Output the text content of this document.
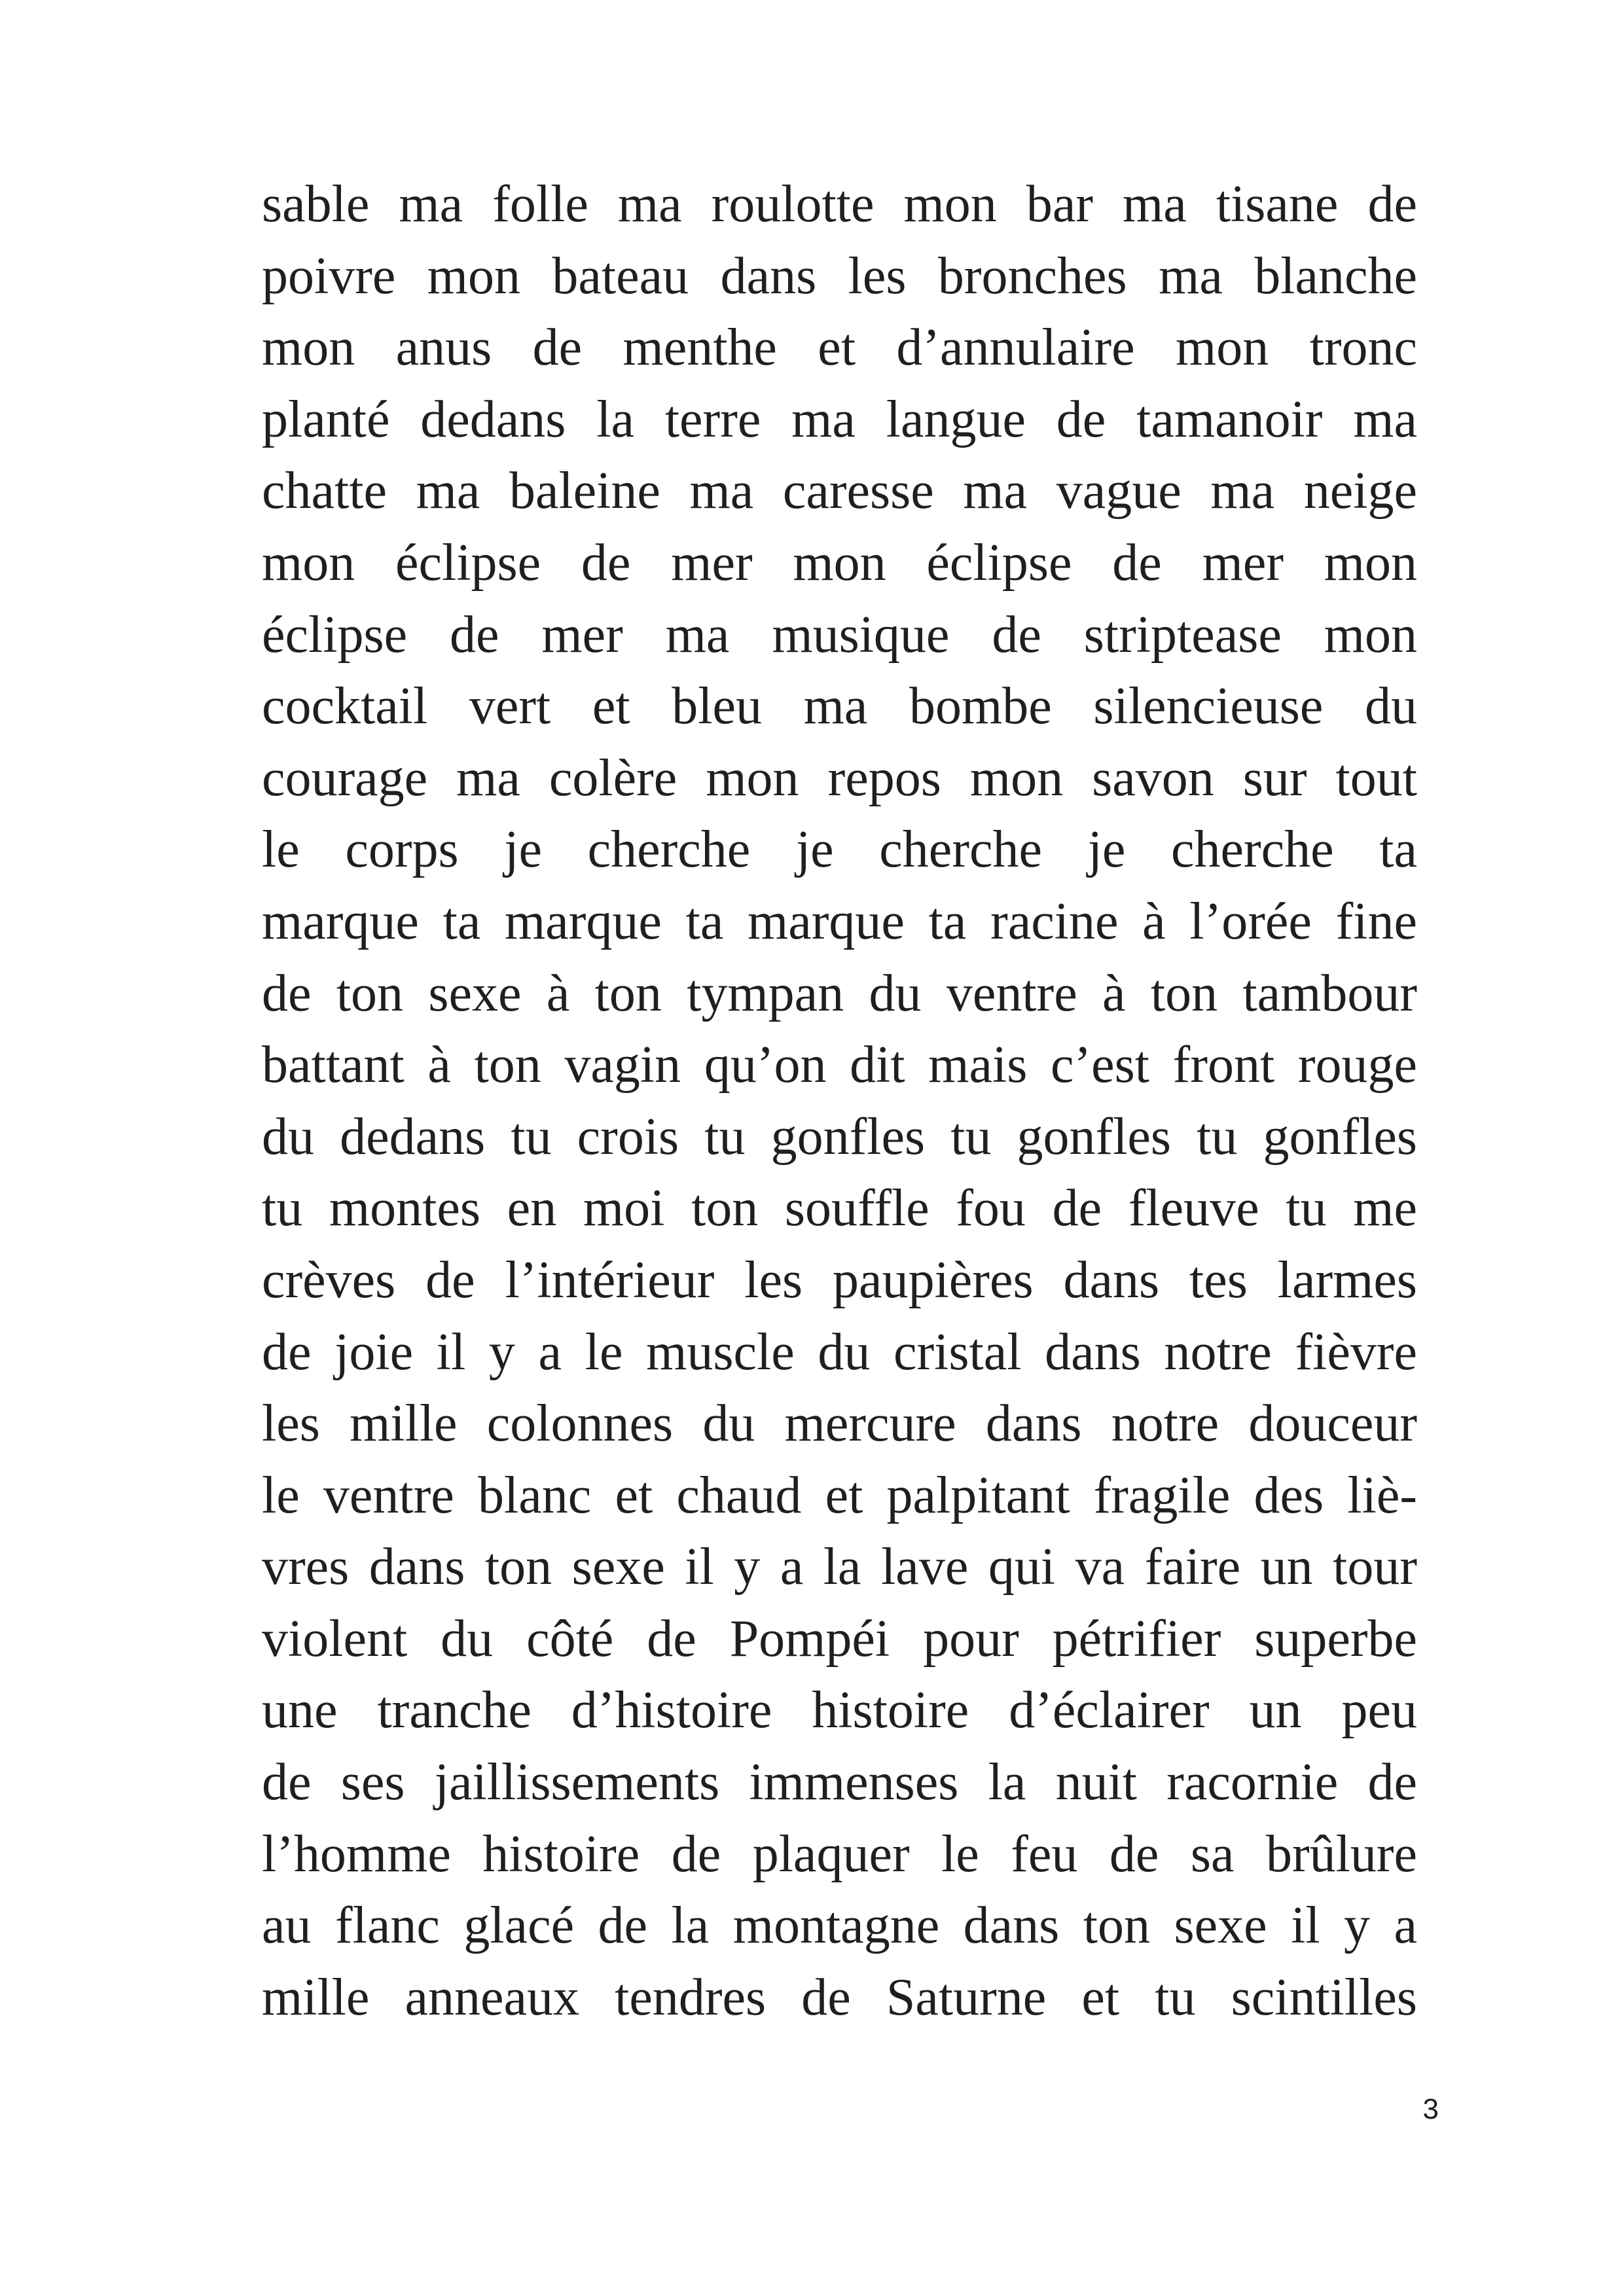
sable ma folle ma roulotte mon bar ma tisane de
poivre mon bateau dans les bronches ma blanche
mon anus de menthe et d’annulaire mon tronc
planté dedans la terre ma langue de tamanoir ma
chatte ma baleine ma caresse ma vague ma neige
mon éclipse de mer mon éclipse de mer mon
éclipse de mer ma musique de striptease mon
cocktail vert et bleu ma bombe silencieuse du
courage ma colère mon repos mon savon sur tout
le corps je cherche je cherche je cherche ta
marque ta marque ta marque ta racine à l’orée fine
de ton sexe à ton tympan du ventre à ton tambour
battant à ton vagin qu’on dit mais c’est front rouge
du dedans tu crois tu gonfles tu gonfles tu gonfles
tu montes en moi ton souffle fou de fleuve tu me
crèves de l’intérieur les paupières dans tes larmes
de joie il y a le muscle du cristal dans notre fièvre
les mille colonnes du mercure dans notre douceur
le ventre blanc et chaud et palpitant fragile des liè-
vres dans ton sexe il y a la lave qui va faire un tour
violent du côté de Pompéi pour pétrifier superbe
une tranche d’histoire histoire d’éclairer un peu
de ses jaillissements immenses la nuit racornie de
l’homme histoire de plaquer le feu de sa brûlure
au flanc glacé de la montagne dans ton sexe il y a
mille anneaux tendres de Saturne et tu scintilles
3
